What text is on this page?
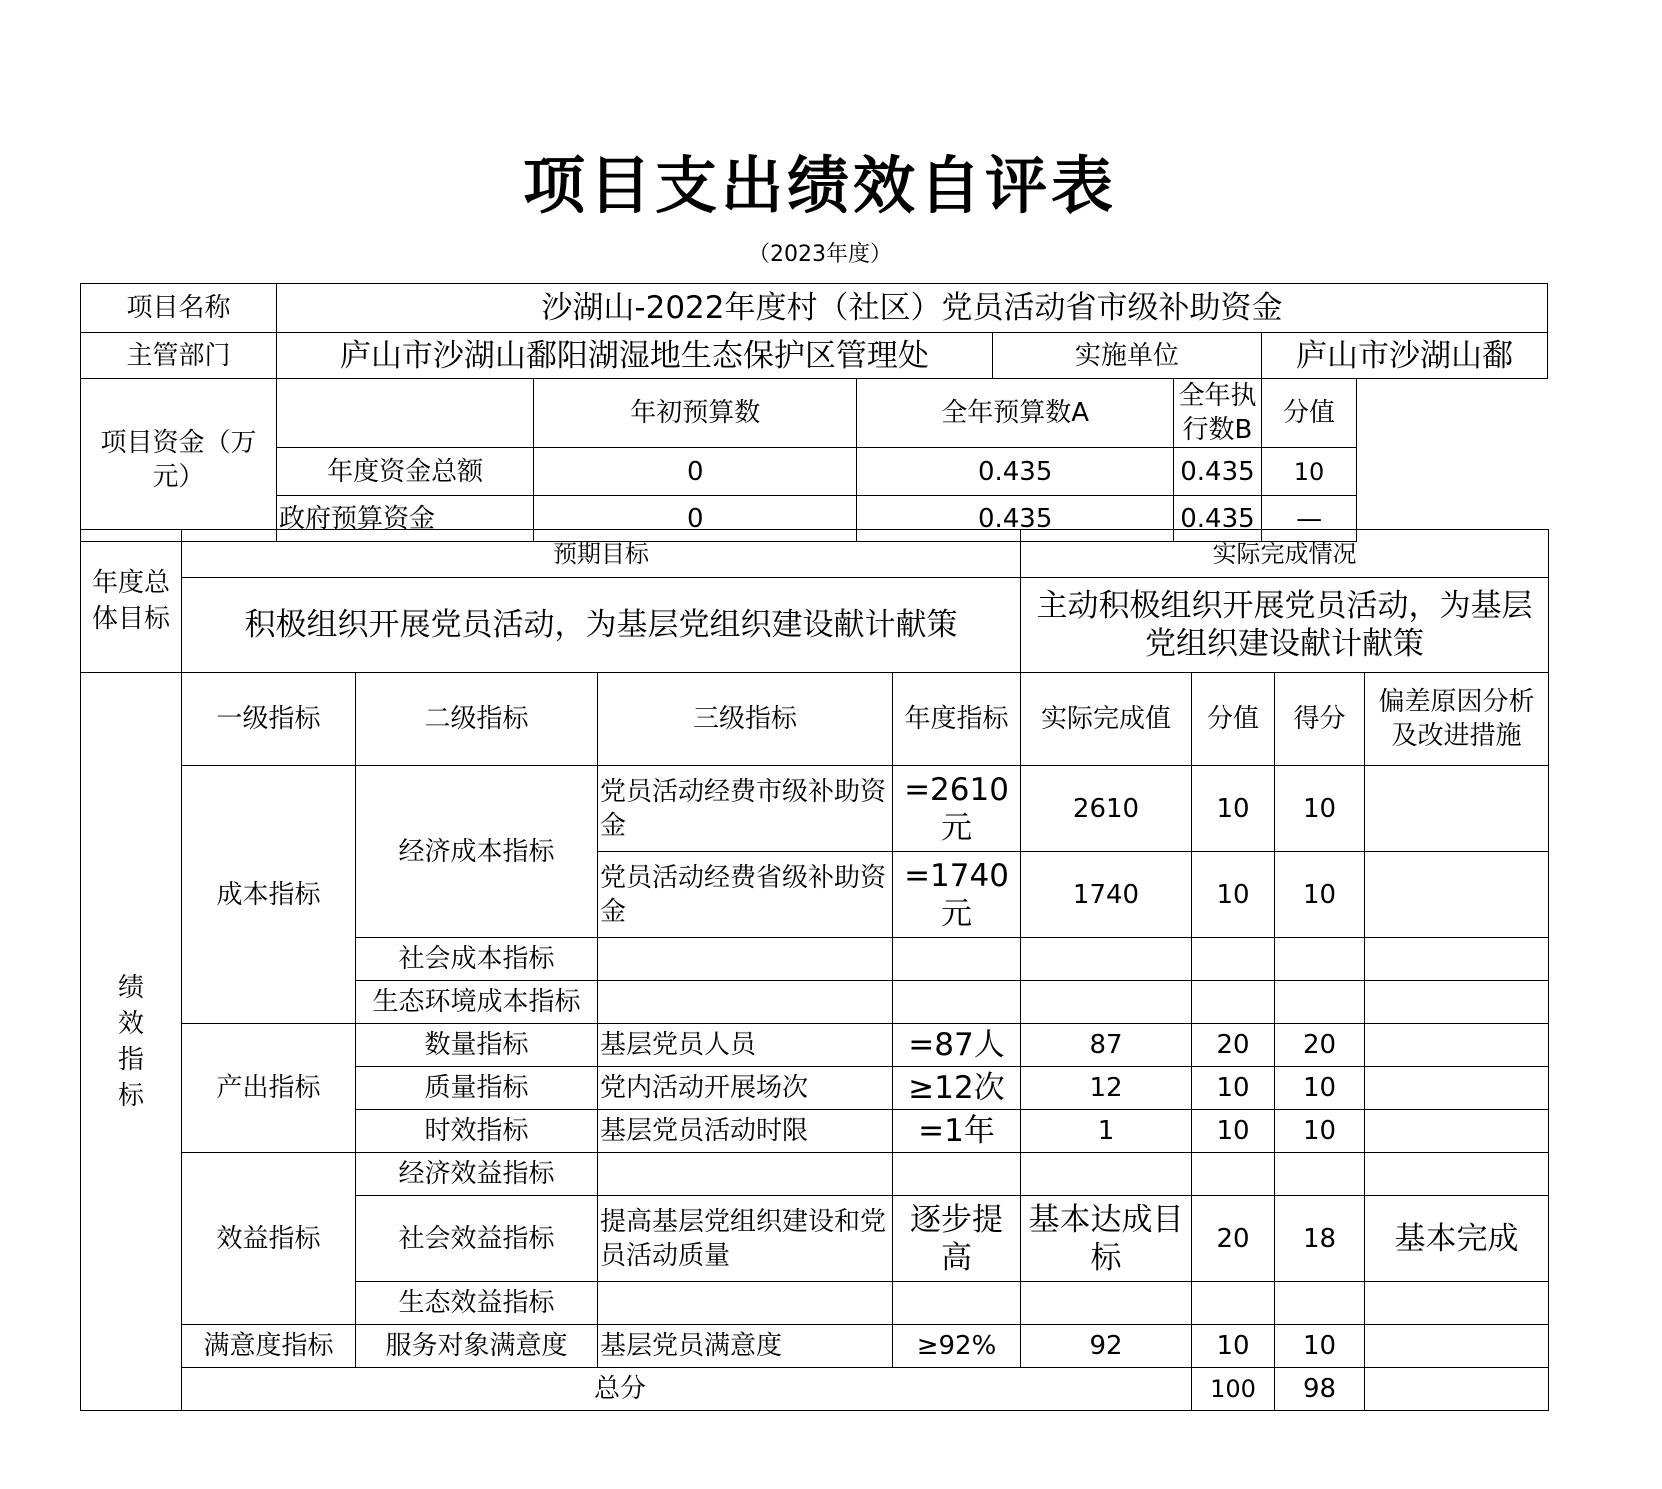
项目支出绩效自评表
（2023年度）
项目名称	沙湖山-2022年度村（社区）党员活动省市级补助资金					
主管部门	庐山市沙湖山鄱阳湖湿地生态保护区管理处			实施单位		庐山市沙湖山鄱
项目资金（万元）		年初预算数	全年预算数A		全年执行数B	分值
	年度资金总额	0	0.435		0.435	10
	政府预算资金	0	0.435		0.435	—
年度总体目标	预期目标	实际完成情况
	积极组织开展党员活动，为基层党组织建设献计献策	主动积极组织开展党员活动，为基层党组织建设献计献策
绩效指标	一级指标	二级指标	三级指标	年度指标	实际完成值	分值	得分	偏差原因分析及改进措施
	成本指标	经济成本指标	党员活动经费市级补助资金	=2610元	2610	10	10	
			党员活动经费省级补助资金	=1740元	1740	10	10	
		社会成本指标						
		生态环境成本指标						
	产出指标	数量指标	基层党员人员	=87人	87	20	20	
		质量指标	党内活动开展场次	≥12次	12	10	10	
		时效指标	基层党员活动时限	=1年	1	10	10	
	效益指标	经济效益指标						
		社会效益指标	提高基层党组织建设和党员活动质量	逐步提高	基本达成目标	20	18	基本完成
		生态效益指标						
	满意度指标	服务对象满意度	基层党员满意度	≥92%	92	10	10	
	总分					100	98	
